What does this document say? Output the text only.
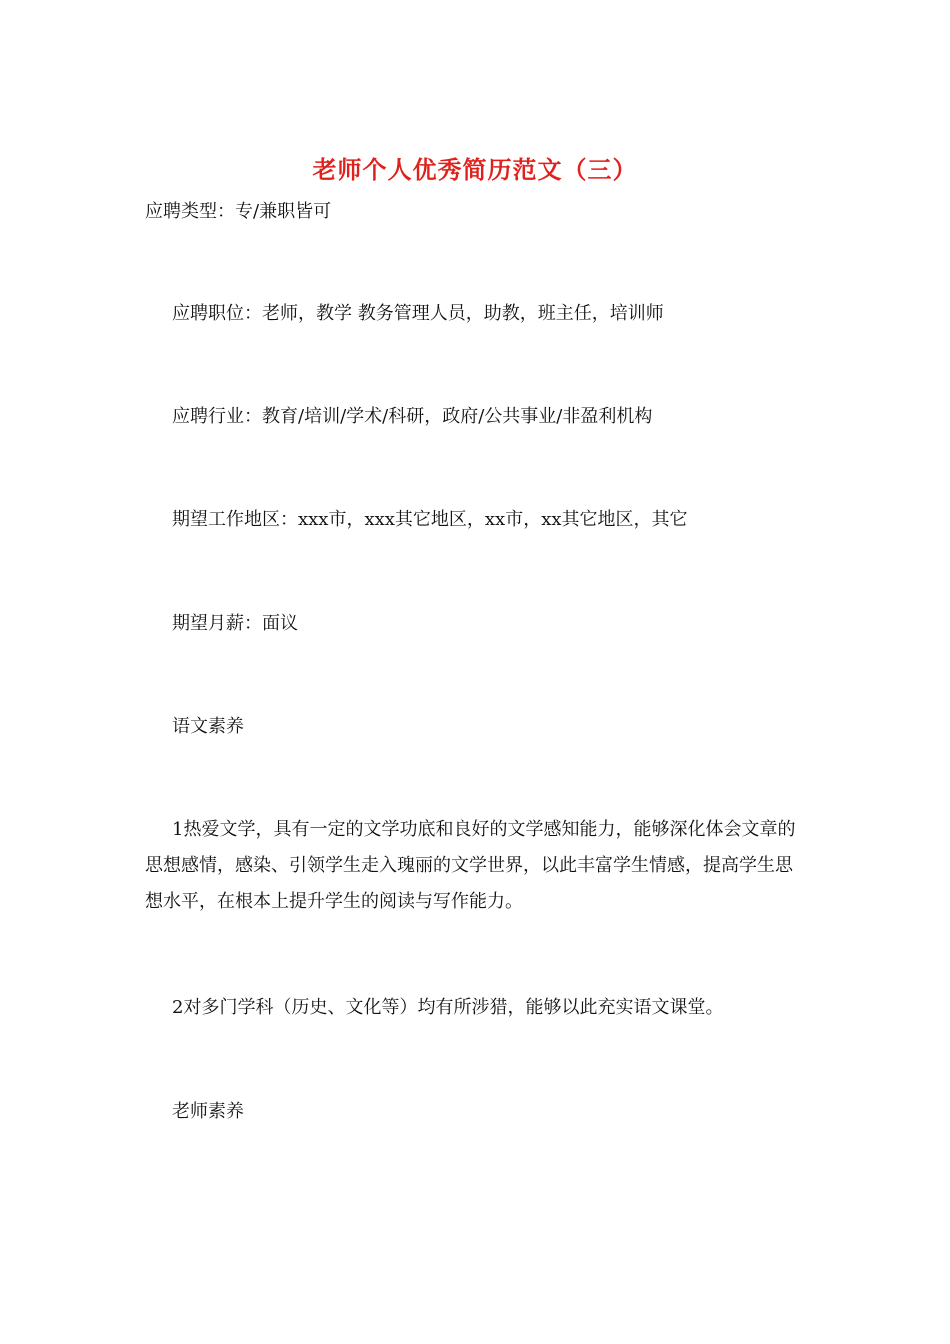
老师个人优秀简历范文（三）
应聘类型：专/兼职皆可
应聘职位：老师，教学 教务管理人员，助教，班主任，培训师
应聘行业：教育/培训/学术/科研，政府/公共事业/非盈利机构
期望工作地区：xxx市，xxx其它地区，xx市，xx其它地区，其它
期望月薪：面议
语文素养
1热爱文学，具有一定的文学功底和良好的文学感知能力，能够深化体会文章的思想感情，感染、引领学生走入瑰丽的文学世界，以此丰富学生情感，提高学生思想水平，在根本上提升学生的阅读与写作能力。
2对多门学科（历史、文化等）均有所涉猎，能够以此充实语文课堂。
老师素养
